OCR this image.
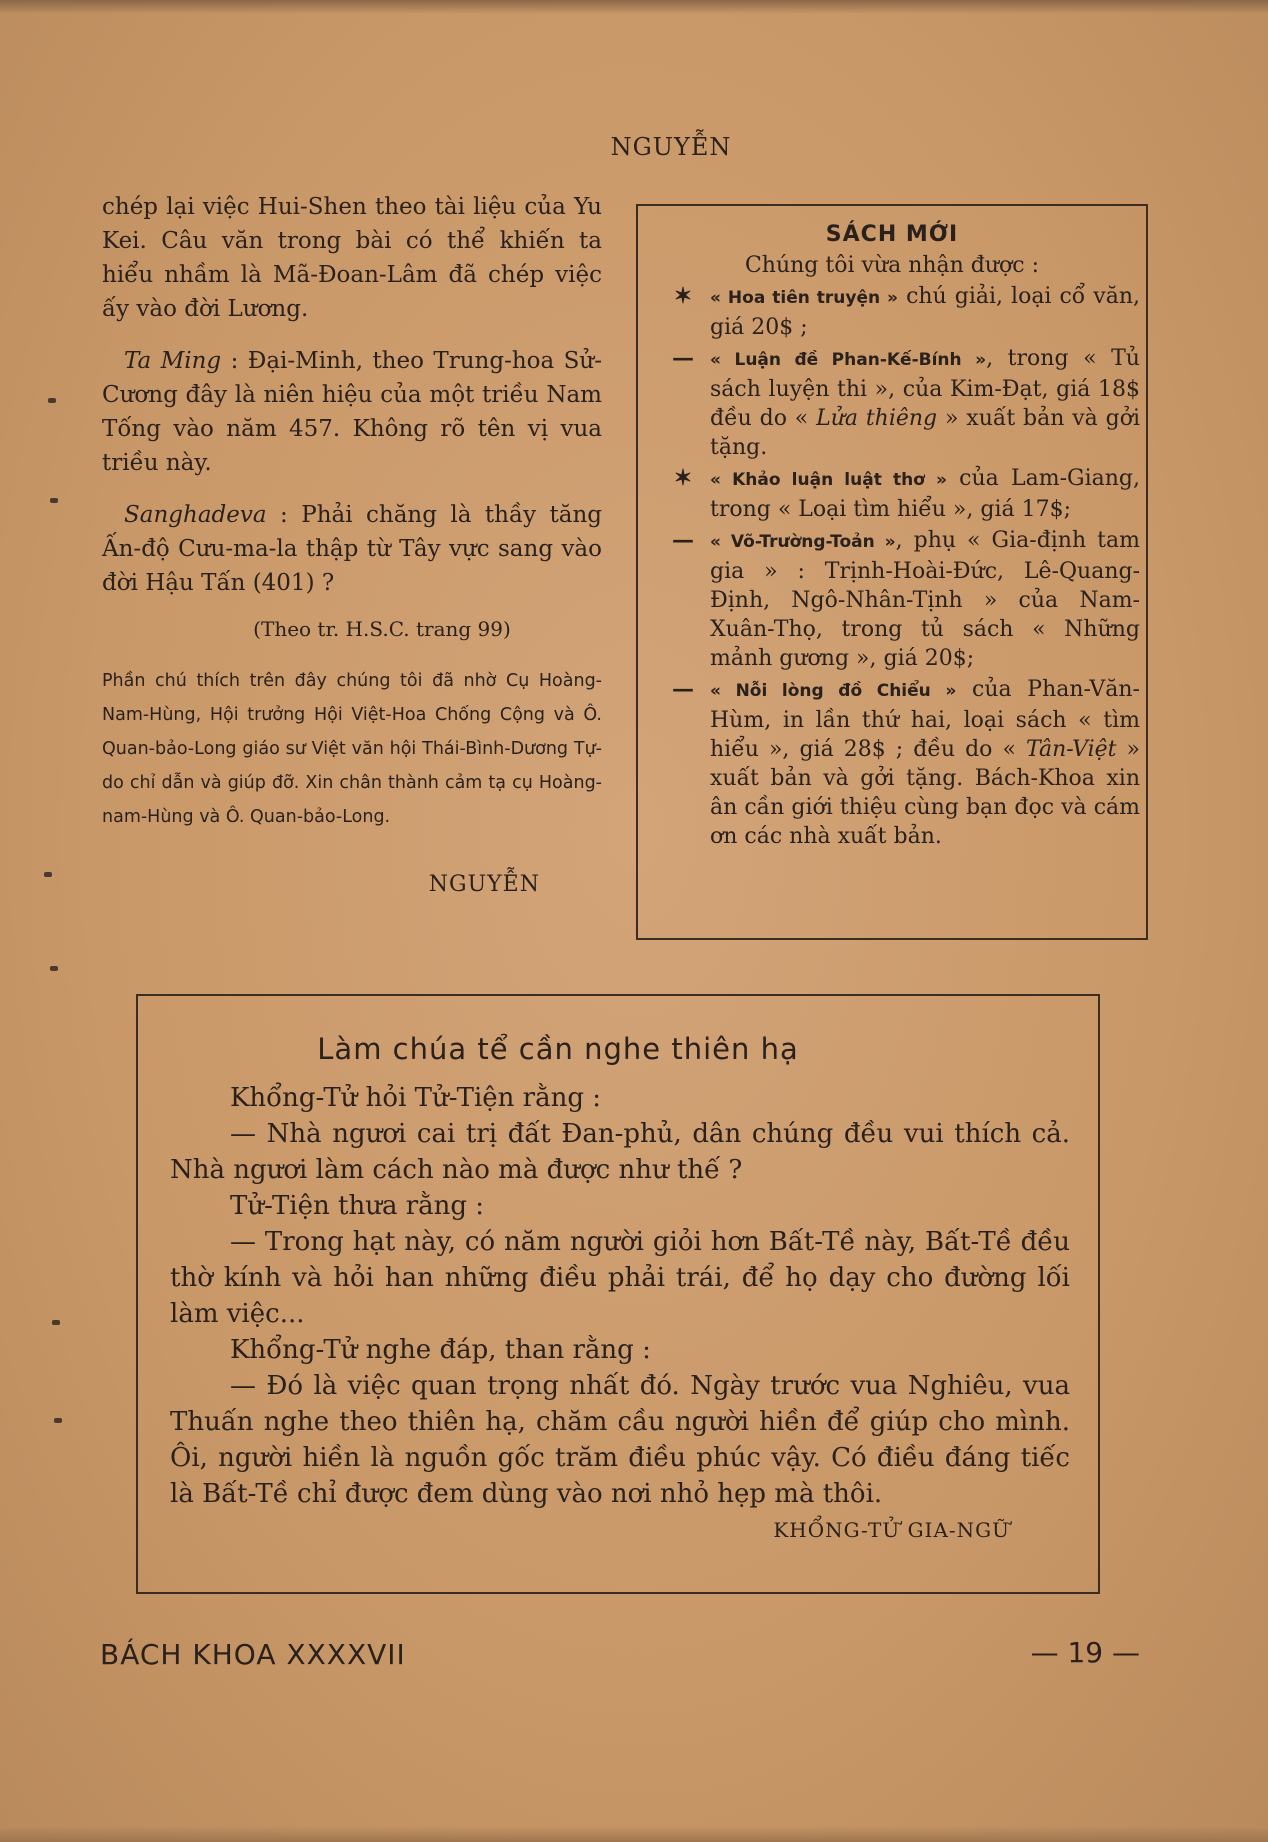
NGUYỄN

chép lại việc Hui-Shen theo tài liệu của Yu Kei. Câu văn trong bài có thể khiến ta hiểu nhầm là Mã-Đoan-Lâm đã chép việc ấy vào đời Lương.

Ta Ming : Đại-Minh, theo Trung-hoa Sử-Cương đây là niên hiệu của một triều Nam Tống vào năm 457. Không rõ tên vị vua triều này.

Sanghadeva : Phải chăng là thầy tăng Ấn-độ Cưu-ma-la thập từ Tây vực sang vào đời Hậu Tấn (401) ?

(Theo tr. H.S.C. trang 99)
Phần chú thích trên đây chúng tôi đã nhờ Cụ Hoàng-Nam-Hùng, Hội trưởng Hội Việt-Hoa Chống Cộng và Ô. Quan-bảo-Long giáo sư Việt văn hội Thái-Bình-Dương Tự-do chỉ dẫn và giúp đỡ. Xin chân thành cảm tạ cụ Hoàng-nam-Hùng và Ô. Quan-bảo-Long.
NGUYỄN
SÁCH MỚI
Chúng tôi vừa nhận được :
✶	« Hoa tiên truyện » chú giải, loại cổ văn, giá 20$ ;
— « Luận đề Phan-Kế-Bính », trong « Tủ sách luyện thi », của Kim-Đạt, giá 18$ đều do « Lửa thiêng » xuất bản và gởi tặng.
✶	« Khảo luận luật thơ » của Lam-Giang, trong « Loại tìm hiểu », giá 17$;
— « Võ-Trường-Toản », phụ « Gia-định tam gia » : Trịnh-Hoài-Đức, Lê-Quang-Định, Ngô-Nhân-Tịnh » của Nam-Xuân-Thọ, trong tủ sách « Những mảnh gương », giá 20$;
— « Nỗi lòng đồ Chiểu » của Phan-Văn-Hùm, in lần thứ hai, loại sách « tìm hiểu », giá 28$ ; đều do « Tân-Việt » xuất bản và gởi tặng. Bách-Khoa xin ân cần giới thiệu cùng bạn đọc và cám ơn các nhà xuất bản.
Làm chúa tể cần nghe thiên hạ

Khổng-Tử hỏi Tử-Tiện rằng :

— Nhà ngươi cai trị đất Đan-phủ, dân chúng đều vui thích cả. Nhà ngươi làm cách nào mà được như thế ?

Tử-Tiện thưa rằng :

— Trong hạt này, có năm người giỏi hơn Bất-Tề này, Bất-Tề đều thờ kính và hỏi han những điều phải trái, để họ dạy cho đường lối làm việc...

Khổng-Tử nghe đáp, than rằng :

— Đó là việc quan trọng nhất đó. Ngày trước vua Nghiêu, vua Thuấn nghe theo thiên hạ, chăm cầu người hiền để giúp cho mình. Ôi, người hiền là nguồn gốc trăm điều phúc vậy. Có điều đáng tiếc là Bất-Tề chỉ được đem dùng vào nơi nhỏ hẹp mà thôi.

KHỔNG-TỬ GIA-NGỮ

BÁCH KHOA XXXXVII	— 19 —
